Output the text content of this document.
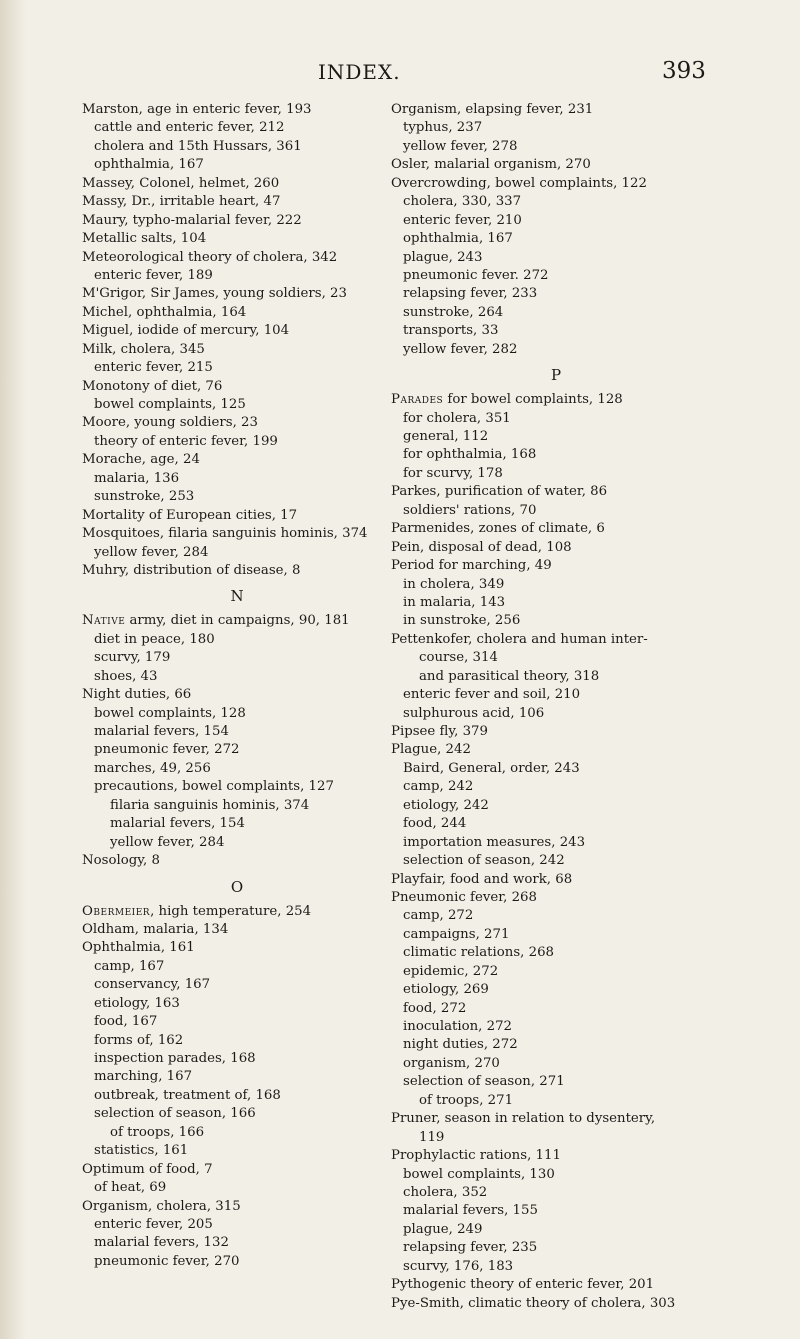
INDEX.	393
Marston, age in enteric fever, 193
cattle and enteric fever, 212
cholera and 15th Hussars, 361
ophthalmia, 167
Massey, Colonel, helmet, 260
Massy, Dr., irritable heart, 47
Maury, typho-malarial fever, 222
Metallic salts, 104
Meteorological theory of cholera, 342
enteric fever, 189
M'Grigor, Sir James, young soldiers, 23
Michel, ophthalmia, 164
Miguel, iodide of mercury, 104
Milk, cholera, 345
enteric fever, 215
Monotony of diet, 76
bowel complaints, 125
Moore, young soldiers, 23
theory of enteric fever, 199
Morache, age, 24
malaria, 136
sunstroke, 253
Mortality of European cities, 17
Mosquitoes, filaria sanguinis hominis, 374
yellow fever, 284
Muhry, distribution of disease, 8
N
Native army, diet in campaigns, 90, 181
diet in peace, 180
scurvy, 179
shoes, 43
Night duties, 66
bowel complaints, 128
malarial fevers, 154
pneumonic fever, 272
marches, 49, 256
precautions, bowel complaints, 127
filaria sanguinis hominis, 374
malarial fevers, 154
yellow fever, 284
Nosology, 8
O
Obermeier, high temperature, 254
Oldham, malaria, 134
Ophthalmia, 161
camp, 167
conservancy, 167
etiology, 163
food, 167
forms of, 162
inspection parades, 168
marching, 167
outbreak, treatment of, 168
selection of season, 166
of troops, 166
statistics, 161
Optimum of food, 7
of heat, 69
Organism, cholera, 315
enteric fever, 205
malarial fevers, 132
pneumonic fever, 270
Organism, elapsing fever, 231
typhus, 237
yellow fever, 278
Osler, malarial organism, 270
Overcrowding, bowel complaints, 122
cholera, 330, 337
enteric fever, 210
ophthalmia, 167
plague, 243
pneumonic fever. 272
relapsing fever, 233
sunstroke, 264
transports, 33
yellow fever, 282
P
Parades for bowel complaints, 128
for cholera, 351
general, 112
for ophthalmia, 168
for scurvy, 178
Parkes, purification of water, 86
soldiers' rations, 70
Parmenides, zones of climate, 6
Pein, disposal of dead, 108
Period for marching, 49
in cholera, 349
in malaria, 143
in sunstroke, 256
Pettenkofer, cholera and human inter-
course, 314
and parasitical theory, 318
enteric fever and soil, 210
sulphurous acid, 106
Pipsee fly, 379
Plague, 242
Baird, General, order, 243
camp, 242
etiology, 242
food, 244
importation measures, 243
selection of season, 242
Playfair, food and work, 68
Pneumonic fever, 268
camp, 272
campaigns, 271
climatic relations, 268
epidemic, 272
etiology, 269
food, 272
inoculation, 272
night duties, 272
organism, 270
selection of season, 271
of troops, 271
Pruner, season in relation to dysentery,
119
Prophylactic rations, 111
bowel complaints, 130
cholera, 352
malarial fevers, 155
plague, 249
relapsing fever, 235
scurvy, 176, 183
Pythogenic theory of enteric fever, 201
Pye-Smith, climatic theory of cholera, 303
